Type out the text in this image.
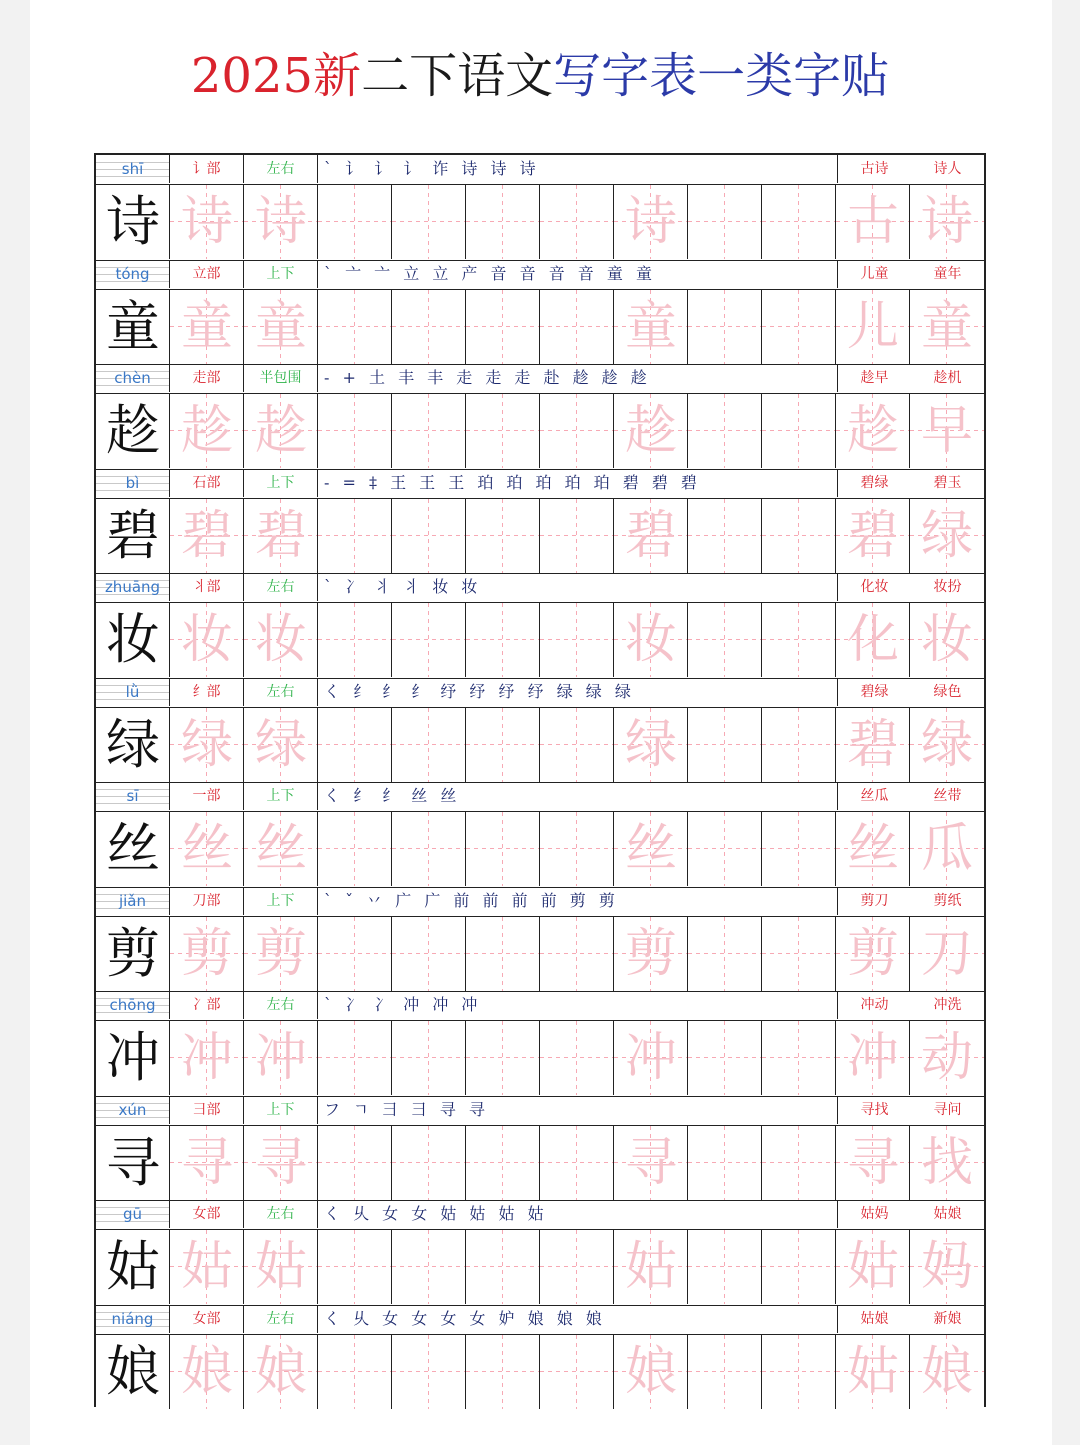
2025新二下语文写字表一类字贴
shī	讠部	左右	` 讠 讠 讠 诈 诗 诗 诗	古诗	诗人
诗 诗 诗	诗	古 诗
tóng	立部	上下	` 亠 亠 立 立 产 音 音 音 音 童 童	儿童	童年
童 童 童	童	儿 童
chèn	走部	半包围	- + 土 丰 丰 走 走 走 赴 趁 趁 趁	趁早	趁机
趁 趁 趁	趁	趁 早
bì	石部	上下	- = ‡ 王 王 王 珀 珀 珀 珀 珀 碧 碧 碧	碧绿	碧玉
碧 碧 碧	碧	碧 绿
zhuāng	丬部	左右	` 冫 丬 丬 妆 妆	化妆	妆扮
妆 妆 妆	妆	化 妆
lǜ	纟部	左右	く 纟 纟 纟 纾 纾 纾 纾 绿 绿 绿	碧绿	绿色
绿 绿 绿	绿	碧 绿
sī	一部	上下	く 纟 纟 丝 丝	丝瓜	丝带
丝 丝 丝	丝	丝 瓜
jiǎn	刀部	上下	` ˇ 丷 广 广 前 前 前 前 剪 剪	剪刀	剪纸
剪 剪 剪	剪	剪 刀
chōng	冫部	左右	` 冫 冫 冲 冲 冲	冲动	冲洗
冲 冲 冲	冲	冲 动
xún	彐部	上下	フ ㄱ 彐 彐 寻 寻	寻找	寻问
寻 寻 寻	寻	寻 找
gū	女部	左右	く 乆 女 女 姑 姑 姑 姑	姑妈	姑娘
姑 姑 姑	姑	姑 妈
niáng	女部	左右	く 乆 女 女 女 女 妒 娘 娘 娘	姑娘	新娘
娘 娘 娘	娘	姑 娘
